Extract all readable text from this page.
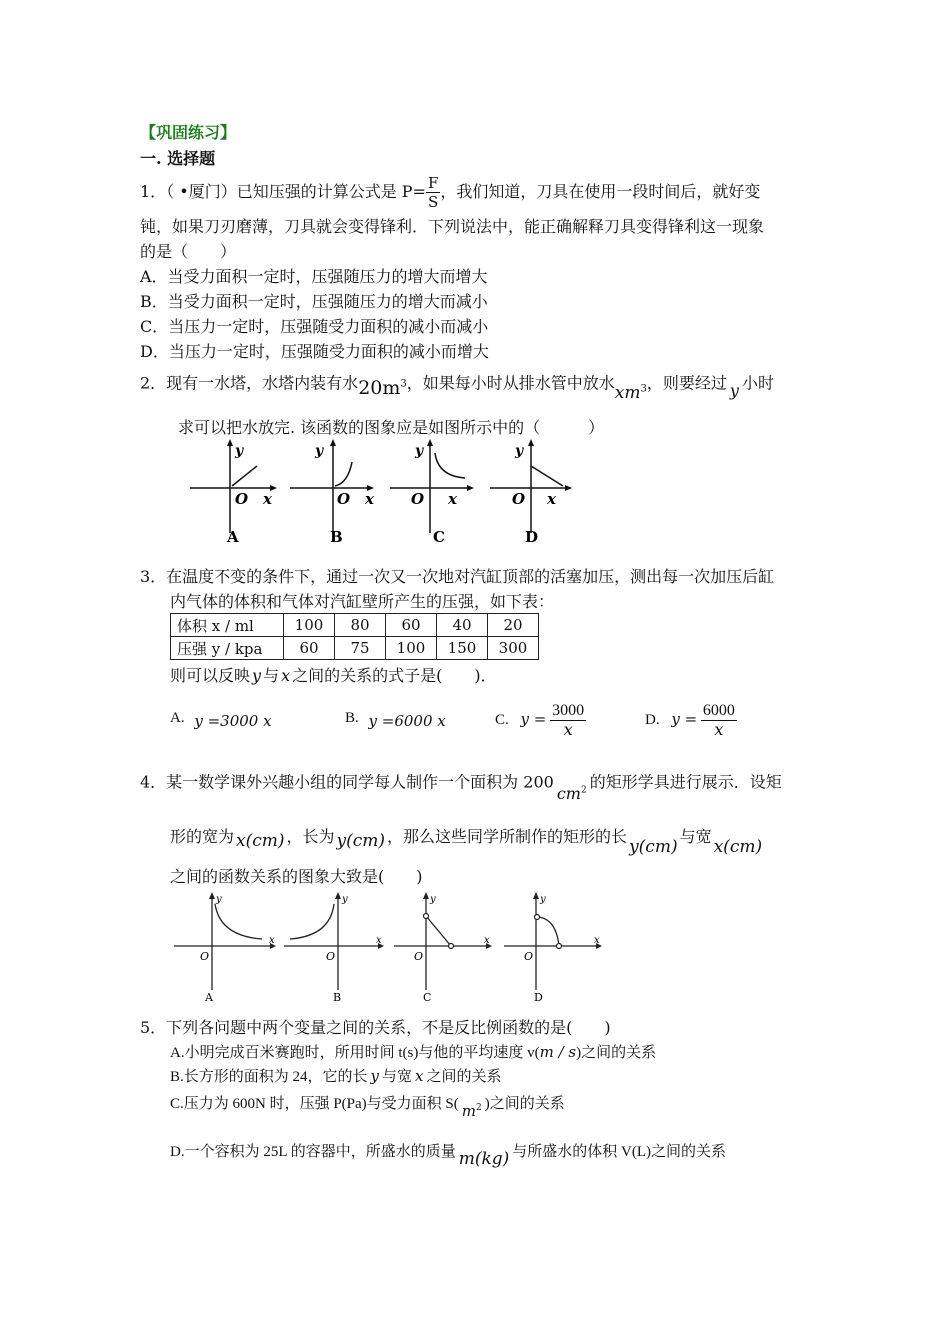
【巩固练习】
一. 选择题
1．（ •厦门）已知压强的计算公式是 $P= \frac{F}{S}$ ，我们知道，刀具在使用一段时间后，就好变
钝，如果刀刃磨薄，刀具就会变得锋利．下列说法中，能正确解释刀具变得锋利这一现象
的是（　　）
A．当受力面积一定时，压强随压力的增大而增大
B．当受力面积一定时，压强随压力的增大而减小
C．当压力一定时，压强随受力面积的减小而减小
D．当压力一定时，压强随受力面积的减小而增大
2．现有一水塔，水塔内装有水$20m^3$，如果每小时从排水管中放水$xm^3$，则要经过 y 小时
求可以把水放完. 该函数的图象应是如图所示中的（　　　）
y
O x
A
y
O x
B
y
O x
C
y
O x
D
3．在温度不变的条件下，通过一次又一次地对汽缸顶部的活塞加压，测出每一次加压后缸
内气体的体积和气体对汽缸壁所产生的压强，如下表：
体积 x / ml	100	80	60	40	20
压强 y / kpa	60	75	100	150	300
则可以反映 y 与 x 之间的关系的式子是(　　)．
A. y =3000 x	B. y =6000 x	C. $y = \frac{3000}{x}$	D. $y = \frac{6000}{x}$
4．某一数学课外兴趣小组的同学每人制作一个面积为 $200cm^2$ 的矩形学具进行展示．设矩
形的宽为 x(cm) ，长为 y(cm) ，那么这些同学所制作的矩形的长y(cm)与宽x(cm)
之间的函数关系的图象大致是(　　)
y
O
x
A
y
O
x
B
y
O
x
C
y
O
x
D
5．下列各问题中两个变量之间的关系，不是反比例函数的是(　　)
A.小明完成百米赛跑时，所用时间 t(s)与他的平均速度 v(m / s)之间的关系
B.长方形的面积为 24，它的长 y 与宽 x 之间的关系
C.压力为 600N 时，压强 P(Pa)与受力面积 S( $m^2$ )之间的关系
D.一个容积为 25L 的容器中，所盛水的质量 m(kg) 与所盛水的体积 V(L)之间的关系
